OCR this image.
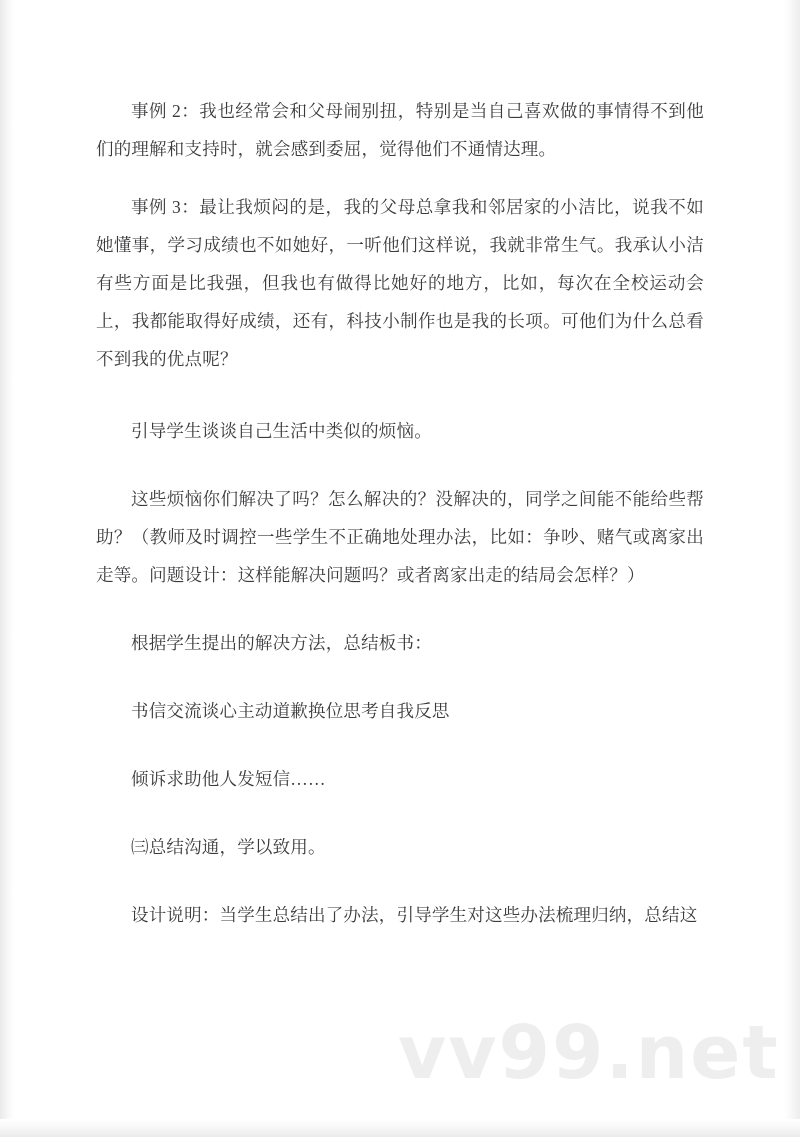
事例 2：我也经常会和父母闹别扭，特别是当自己喜欢做的事情得不到他们的理解和支持时，就会感到委屈，觉得他们不通情达理。

事例 3：最让我烦闷的是，我的父母总拿我和邻居家的小洁比，说我不如她懂事，学习成绩也不如她好，一听他们这样说，我就非常生气。我承认小洁有些方面是比我强，但我也有做得比她好的地方，比如，每次在全校运动会上，我都能取得好成绩，还有，科技小制作也是我的长项。可他们为什么总看不到我的优点呢？

引导学生谈谈自己生活中类似的烦恼。

这些烦恼你们解决了吗？怎么解决的？没解决的，同学之间能不能给些帮助？（教师及时调控一些学生不正确地处理办法，比如：争吵、赌气或离家出走等。问题设计：这样能解决问题吗？或者离家出走的结局会怎样？）

根据学生提出的解决方法，总结板书：

书信交流谈心主动道歉换位思考自我反思

倾诉求助他人发短信……

㈢总结沟通，学以致用。

设计说明：当学生总结出了办法，引导学生对这些办法梳理归纳，总结这

vv99.net
